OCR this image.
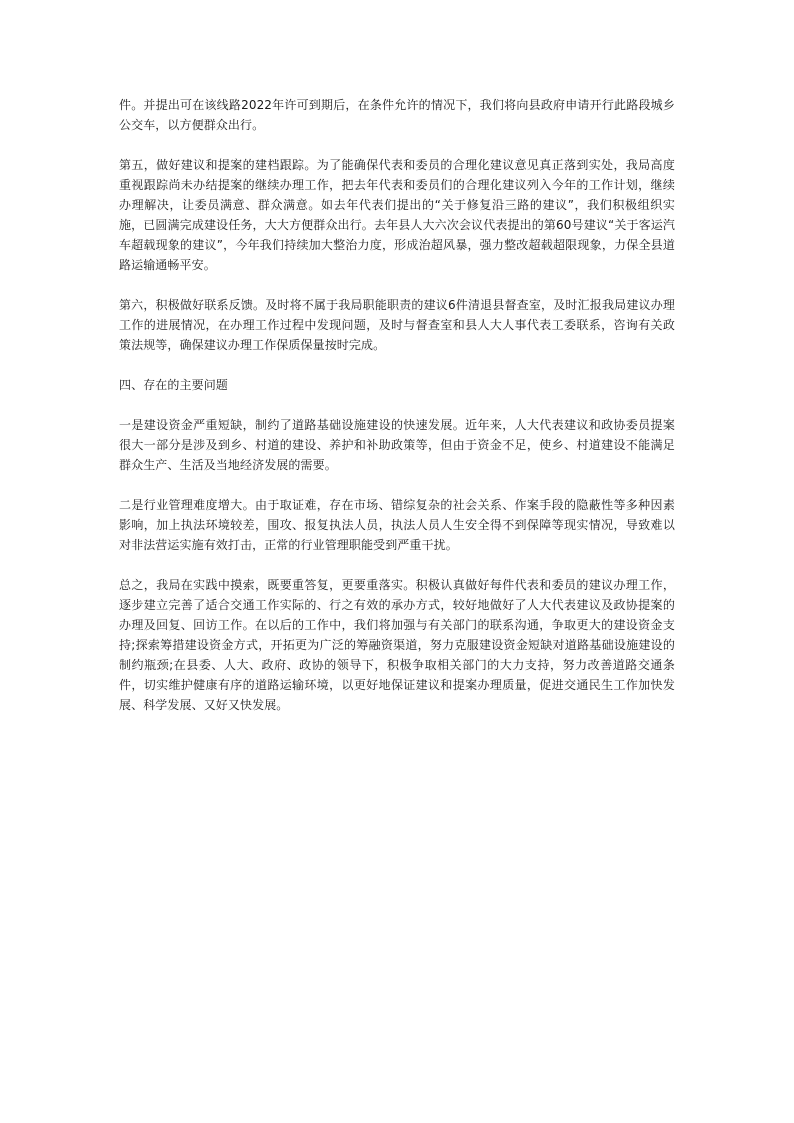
件。并提出可在该线路2022年许可到期后，在条件允许的情况下，我们将向县政府申请开行此路段城乡公交车，以方便群众出行。

第五，做好建议和提案的建档跟踪。为了能确保代表和委员的合理化建议意见真正落到实处，我局高度重视跟踪尚未办结提案的继续办理工作，把去年代表和委员们的合理化建议列入今年的工作计划，继续办理解决，让委员满意、群众满意。如去年代表们提出的“关于修复沿三路的建议”，我们积极组织实施，已圆满完成建设任务，大大方便群众出行。去年县人大六次会议代表提出的第60号建议“关于客运汽车超载现象的建议”，今年我们持续加大整治力度，形成治超风暴，强力整改超载超限现象，力保全县道路运输通畅平安。

第六，积极做好联系反馈。及时将不属于我局职能职责的建议6件清退县督查室，及时汇报我局建议办理工作的进展情况，在办理工作过程中发现问题，及时与督查室和县人大人事代表工委联系，咨询有关政策法规等，确保建议办理工作保质保量按时完成。

四、存在的主要问题

一是建设资金严重短缺，制约了道路基础设施建设的快速发展。近年来，人大代表建议和政协委员提案很大一部分是涉及到乡、村道的建设、养护和补助政策等，但由于资金不足，使乡、村道建设不能满足群众生产、生活及当地经济发展的需要。

二是行业管理难度增大。由于取证难，存在市场、错综复杂的社会关系、作案手段的隐蔽性等多种因素影响，加上执法环境较差，围攻、报复执法人员，执法人员人生安全得不到保障等现实情况，导致难以对非法营运实施有效打击，正常的行业管理职能受到严重干扰。

总之，我局在实践中摸索，既要重答复，更要重落实。积极认真做好每件代表和委员的建议办理工作，逐步建立完善了适合交通工作实际的、行之有效的承办方式，较好地做好了人大代表建议及政协提案的办理及回复、回访工作。在以后的工作中，我们将加强与有关部门的联系沟通，争取更大的建设资金支持;探索筹措建设资金方式，开拓更为广泛的筹融资渠道，努力克服建设资金短缺对道路基础设施建设的制约瓶颈;在县委、人大、政府、政协的领导下，积极争取相关部门的大力支持，努力改善道路交通条件，切实维护健康有序的道路运输环境，以更好地保证建议和提案办理质量，促进交通民生工作加快发展、科学发展、又好又快发展。
